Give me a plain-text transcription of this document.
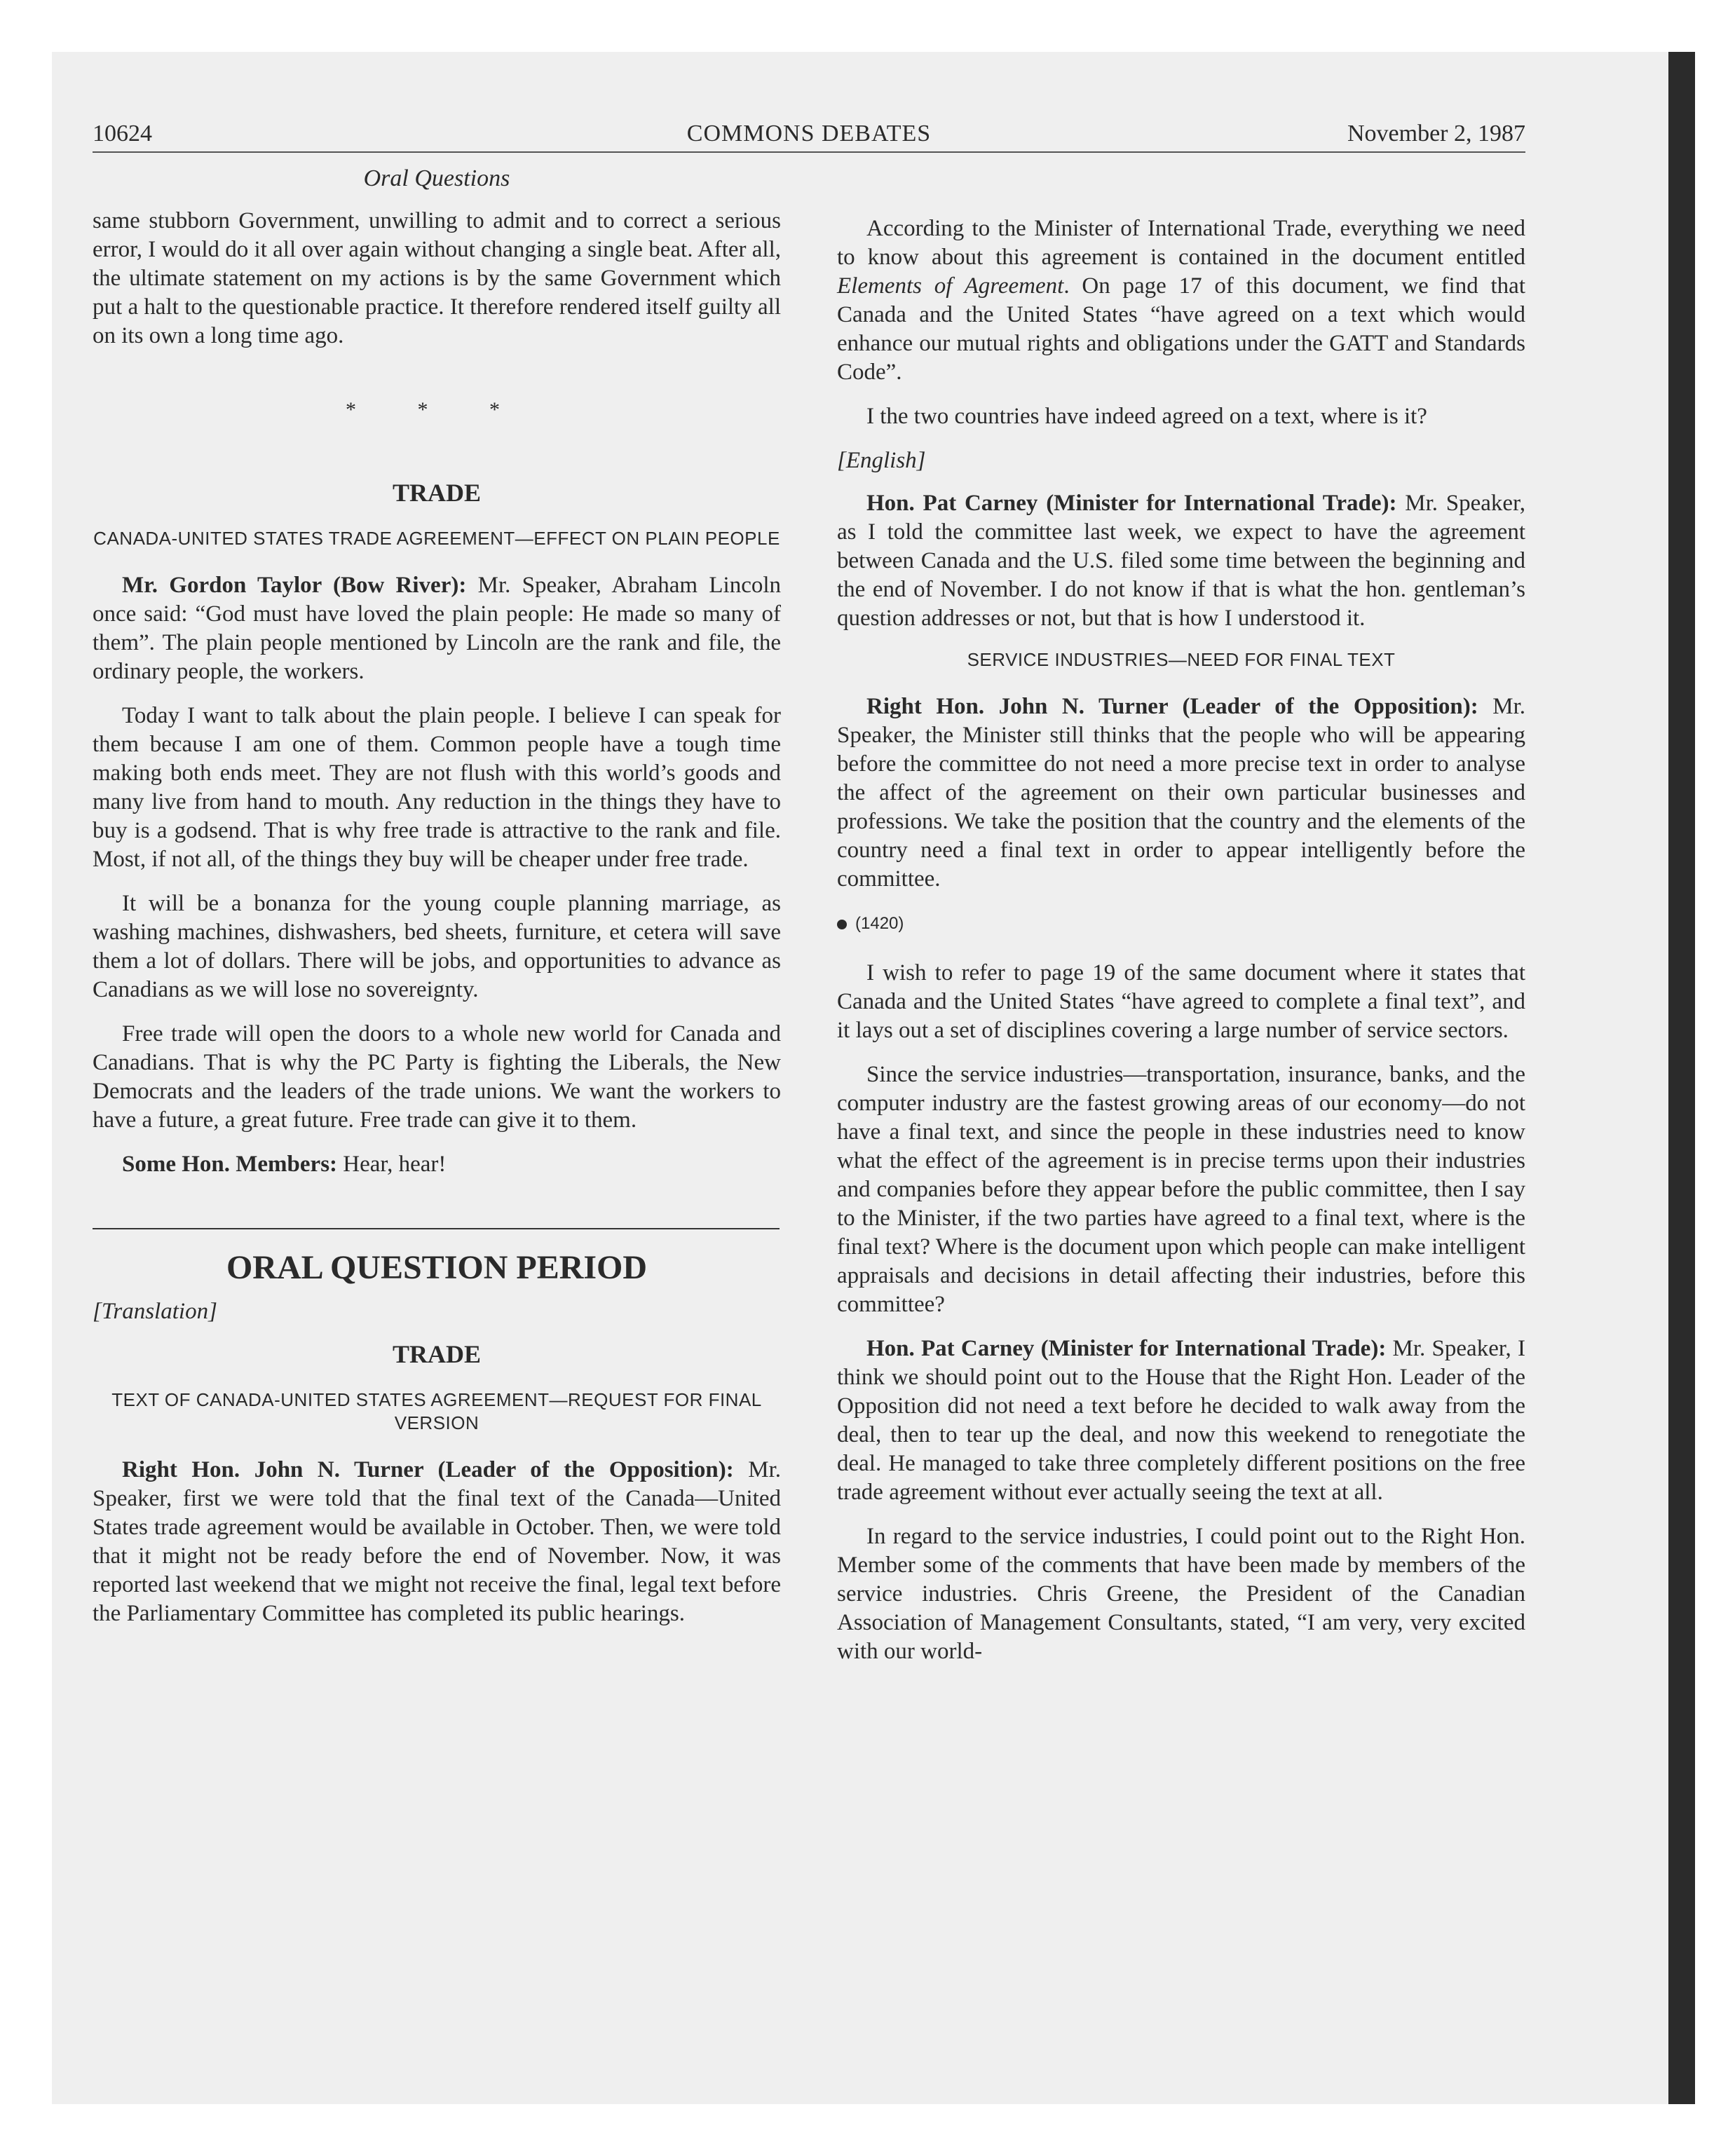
10624	COMMONS DEBATES	November 2, 1987
Oral Questions

same stubborn Government, unwilling to admit and to correct a serious error, I would do it all over again without changing a single beat. After all, the ultimate statement on my actions is by the same Government which put a halt to the questionable practice. It therefore rendered itself guilty all on its own a long time ago.

* * *
TRADE
CANADA-UNITED STATES TRADE AGREEMENT—EFFECT ON PLAIN PEOPLE

Mr. Gordon Taylor (Bow River): Mr. Speaker, Abraham Lincoln once said: “God must have loved the plain people: He made so many of them”. The plain people mentioned by Lincoln are the rank and file, the ordinary people, the workers.

Today I want to talk about the plain people. I believe I can speak for them because I am one of them. Common people have a tough time making both ends meet. They are not flush with this world’s goods and many live from hand to mouth. Any reduction in the things they have to buy is a godsend. That is why free trade is attractive to the rank and file. Most, if not all, of the things they buy will be cheaper under free trade.

It will be a bonanza for the young couple planning marriage, as washing machines, dishwashers, bed sheets, furniture, et cetera will save them a lot of dollars. There will be jobs, and opportunities to advance as Canadians as we will lose no sovereignty.

Free trade will open the doors to a whole new world for Canada and Canadians. That is why the PC Party is fighting the Liberals, the New Democrats and the leaders of the trade unions. We want the workers to have a future, a great future. Free trade can give it to them.

Some Hon. Members: Hear, hear!

ORAL QUESTION PERIOD
[Translation]
TRADE
TEXT OF CANADA-UNITED STATES AGREEMENT—REQUEST FOR FINAL VERSION

Right Hon. John N. Turner (Leader of the Opposition): Mr. Speaker, first we were told that the final text of the Canada—United States trade agreement would be available in October. Then, we were told that it might not be ready before the end of November. Now, it was reported last weekend that we might not receive the final, legal text before the Parliamentary Committee has completed its public hearings.

According to the Minister of International Trade, everything we need to know about this agreement is contained in the document entitled Elements of Agreement. On page 17 of this document, we find that Canada and the United States “have agreed on a text which would enhance our mutual rights and obligations under the GATT and Standards Code”.

I the two countries have indeed agreed on a text, where is it?

[English]

Hon. Pat Carney (Minister for International Trade): Mr. Speaker, as I told the committee last week, we expect to have the agreement between Canada and the U.S. filed some time between the beginning and the end of November. I do not know if that is what the hon. gentleman’s question addresses or not, but that is how I understood it.

SERVICE INDUSTRIES—NEED FOR FINAL TEXT

Right Hon. John N. Turner (Leader of the Opposition): Mr. Speaker, the Minister still thinks that the people who will be appearing before the committee do not need a more precise text in order to analyse the affect of the agreement on their own particular businesses and professions. We take the position that the country and the elements of the country need a final text in order to appear intelligently before the committee.

(1420)

I wish to refer to page 19 of the same document where it states that Canada and the United States “have agreed to complete a final text”, and it lays out a set of disciplines covering a large number of service sectors.

Since the service industries—transportation, insurance, banks, and the computer industry are the fastest growing areas of our economy—do not have a final text, and since the people in these industries need to know what the effect of the agreement is in precise terms upon their industries and companies before they appear before the public committee, then I say to the Minister, if the two parties have agreed to a final text, where is the final text? Where is the document upon which people can make intelligent appraisals and decisions in detail affecting their industries, before this committee?

Hon. Pat Carney (Minister for International Trade): Mr. Speaker, I think we should point out to the House that the Right Hon. Leader of the Opposition did not need a text before he decided to walk away from the deal, then to tear up the deal, and now this weekend to renegotiate the deal. He managed to take three completely different positions on the free trade agreement without ever actually seeing the text at all.

In regard to the service industries, I could point out to the Right Hon. Member some of the comments that have been made by members of the service industries. Chris Greene, the President of the Canadian Association of Management Consultants, stated, “I am very, very excited with our world-
